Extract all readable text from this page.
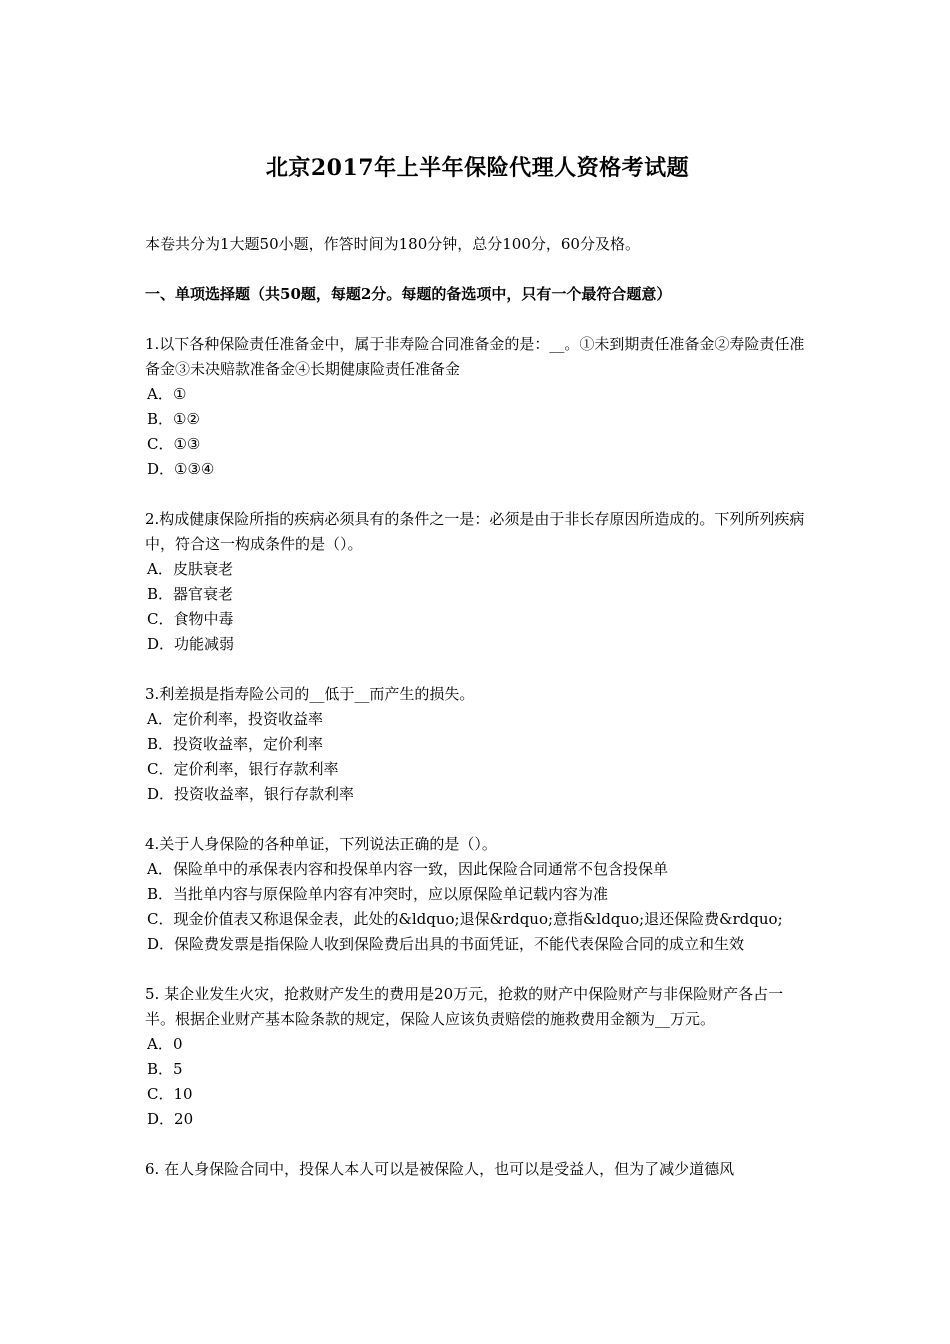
北京2017年上半年保险代理人资格考试题

本卷共分为1大题50小题，作答时间为180分钟，总分100分，60分及格。

一、单项选择题（共50题，每题2分。每题的备选项中，只有一个最符合题意）

1.以下各种保险责任准备金中，属于非寿险合同准备金的是：__。①未到期责任准备金②寿险责任准备金③未决赔款准备金④长期健康险责任准备金

A．①
B．①②
C．①③
D．①③④

2.构成健康保险所指的疾病必须具有的条件之一是：必须是由于非长存原因所造成的。下列所列疾病中，符合这一构成条件的是（）。

A．皮肤衰老
B．器官衰老
C．食物中毒
D．功能减弱

3.利差损是指寿险公司的__低于__而产生的损失。

A．定价利率，投资收益率
B．投资收益率，定价利率
C．定价利率，银行存款利率
D．投资收益率，银行存款利率

4.关于人身保险的各种单证，下列说法正确的是（）。

A．保险单中的承保表内容和投保单内容一致，因此保险合同通常不包含投保单
B．当批单内容与原保险单内容有冲突时，应以原保险单记载内容为准
C．现金价值表又称退保金表，此处的&ldquo;退保&rdquo;意指&ldquo;退还保险费&rdquo;
D．保险费发票是指保险人收到保险费后出具的书面凭证，不能代表保险合同的成立和生效

5. 某企业发生火灾，抢救财产发生的费用是20万元，抢救的财产中保险财产与非保险财产各占一半。根据企业财产基本险条款的规定，保险人应该负责赔偿的施救费用金额为__万元。

A．0
B．5
C．10
D．20

6. 在人身保险合同中，投保人本人可以是被保险人，也可以是受益人，但为了减少道德风
